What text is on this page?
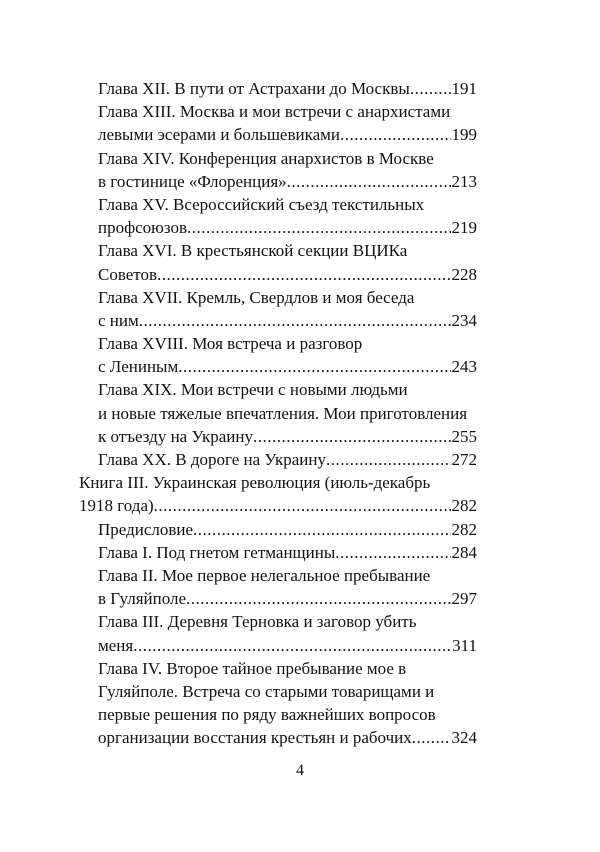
Глава XII. В пути от Астрахани до Москвы ..... 191
Глава XIII. Москва и мои встречи с анархистами
левыми эсерами и большевиками .....	199
Глава XIV. Конференция анархистов в Москве
в гостинице «Флоренция» .....	213
Глава XV. Всероссийский съезд текстильных
профсоюзов .....	219
Глава XVI. В крестьянской секции ВЦИКа
Советов .....	228
Глава XVII. Кремль, Свердлов и моя беседа
с ним .....	234
Глава XVIII. Моя встреча и разговор
с Лениным .....	243
Глава XIX. Мои встречи с новыми людьми
и новые тяжелые впечатления. Мои приготовления
к отъезду на Украину .....	255
Глава XX. В дороге на Украину .....	272
Книга III. Украинская революция (июль-декабрь
1918 года) .....	282
Предисловие .....	282
Глава I. Под гнетом гетманщины .....	284
Глава II. Мое первое нелегальное пребывание
в Гуляйполе .....	297
Глава III. Деревня Терновка и заговор убить
меня .....	311
Глава IV. Второе тайное пребывание мое в
Гуляйполе. Встреча со старыми товарищами и
первые решения по ряду важнейших вопросов
организации восстания крестьян и рабочих ..... 324
4
